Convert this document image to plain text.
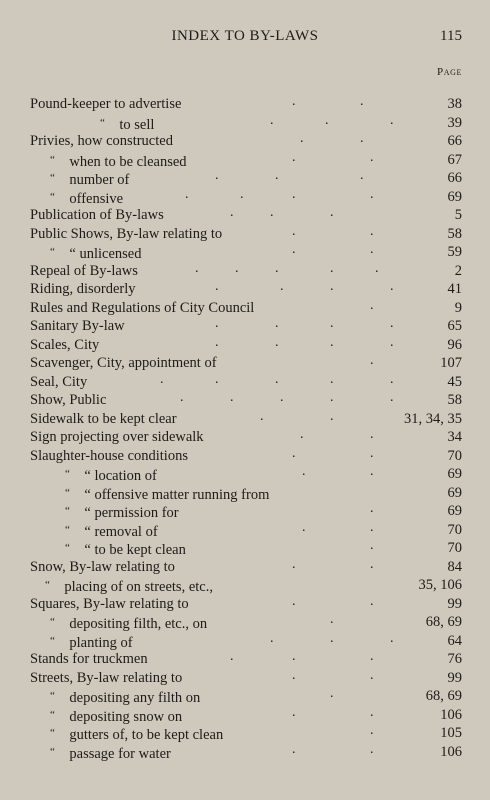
INDEX TO BY-LAWS	115
Page
Pound-keeper to advertise	.	.	38
“  to sell	.	.	.	39
Privies, how constructed	.	.	66
“  when to be cleansed	.	.	67
“  number of	.	.	.	66
“  offensive	.	.	.	.	69
Publication of By-laws	.	.	.	5
Public Shows, By-law relating to	.	.	58
“  “ unlicensed	.	.	59
Repeal of By-laws	.	.	.	.	.	2
Riding, disorderly	.	.	.	.	41
Rules and Regulations of City Council	.	9
Sanitary By-law	.	.	.	.	65
Scales, City	.	.	.	.	96
Scavenger, City, appointment of	.	107
Seal, City	.	.	.	.	.	45
Show, Public	.	.	.	.	.	58
Sidewalk to be kept clear	.	.	31, 34, 35
Sign projecting over sidewalk	.	.	34
Slaughter-house conditions	.	.	70
“  “ location of	.	.	69
“  “ offensive matter running from	69
“  “ permission for	.	69
“  “ removal of	.	.	70
“  “ to be kept clean	.	70
Snow, By-law relating to	.	.	84
“  placing of on streets, etc.,	35, 106
Squares, By-law relating to	.	.	99
“  depositing filth, etc., on	.	68, 69
“  planting of	.	.	.	64
Stands for truckmen	.	.	.	76
Streets, By-law relating to	.	.	99
“  depositing any filth on	.	68, 69
“  depositing snow on	.	.	106
“  gutters of, to be kept clean	.	105
“  passage for water	.	.	106
